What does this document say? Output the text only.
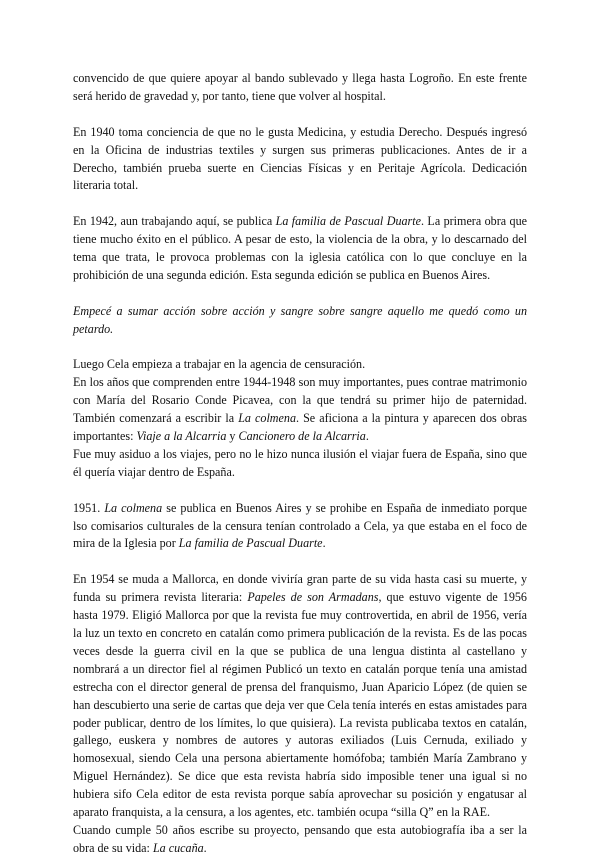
convencido de que quiere apoyar al bando sublevado y llega hasta Logroño. En este frente será herido de gravedad y, por tanto, tiene que volver al hospital.

En 1940 toma conciencia de que no le gusta Medicina, y estudia Derecho. Después ingresó en la Oficina de industrias textiles y surgen sus primeras publicaciones. Antes de ir a Derecho, también prueba suerte en Ciencias Físicas y en Peritaje Agrícola. Dedicación literaria total.

En 1942, aun trabajando aquí, se publica La familia de Pascual Duarte. La primera obra que tiene mucho éxito en el público. A pesar de esto, la violencia de la obra, y lo descarnado del tema que trata, le provoca problemas con la iglesia católica con lo que concluye en la prohibición de una segunda edición. Esta segunda edición se publica en Buenos Aires.

Empecé a sumar acción sobre acción y sangre sobre sangre aquello me quedó como un petardo.

Luego Cela empieza a trabajar en la agencia de censuración.

En los años que comprenden entre 1944-1948 son muy importantes, pues contrae matrimonio con María del Rosario Conde Picavea, con la que tendrá su primer hijo de paternidad. También comenzará a escribir la La colmena. Se aficiona a la pintura y aparecen dos obras importantes: Viaje a la Alcarria y Cancionero de la Alcarria.

Fue muy asiduo a los viajes, pero no le hizo nunca ilusión el viajar fuera de España, sino que él quería viajar dentro de España.

1951. La colmena se publica en Buenos Aires y se prohibe en España de inmediato porque lso comisarios culturales de la censura tenían controlado a Cela, ya que estaba en el foco de mira de la Iglesia por La familia de Pascual Duarte.

En 1954 se muda a Mallorca, en donde viviría gran parte de su vida hasta casi su muerte, y funda su primera revista literaria: Papeles de son Armadans, que estuvo vigente de 1956 hasta 1979. Eligió Mallorca por que la revista fue muy controvertida, en abril de 1956, vería la luz un texto en concreto en catalán como primera publicación de la revista. Es de las pocas veces desde la guerra civil en la que se publica de una lengua distinta al castellano y nombrará a un director fiel al régimen Publicó un texto en catalán porque tenía una amistad estrecha con el director general de prensa del franquismo, Juan Aparicio López (de quien se han descubierto una serie de cartas que deja ver que Cela tenía interés en estas amistades para poder publicar, dentro de los límites, lo que quisiera). La revista publicaba textos en catalán, gallego, euskera y nombres de autores y autoras exiliados (Luis Cernuda, exiliado y homosexual, siendo Cela una persona abiertamente homófoba; también María Zambrano y Miguel Hernández). Se dice que esta revista habría sido imposible tener una igual si no hubiera sifo Cela editor de esta revista porque sabía aprovechar su posición y engatusar al aparato franquista, a la censura, a los agentes, etc. también ocupa “silla Q” en la RAE.

Cuando cumple 50 años escribe su proyecto, pensando que esta autobiografía iba a ser la obra de su vida: La cucaña.
